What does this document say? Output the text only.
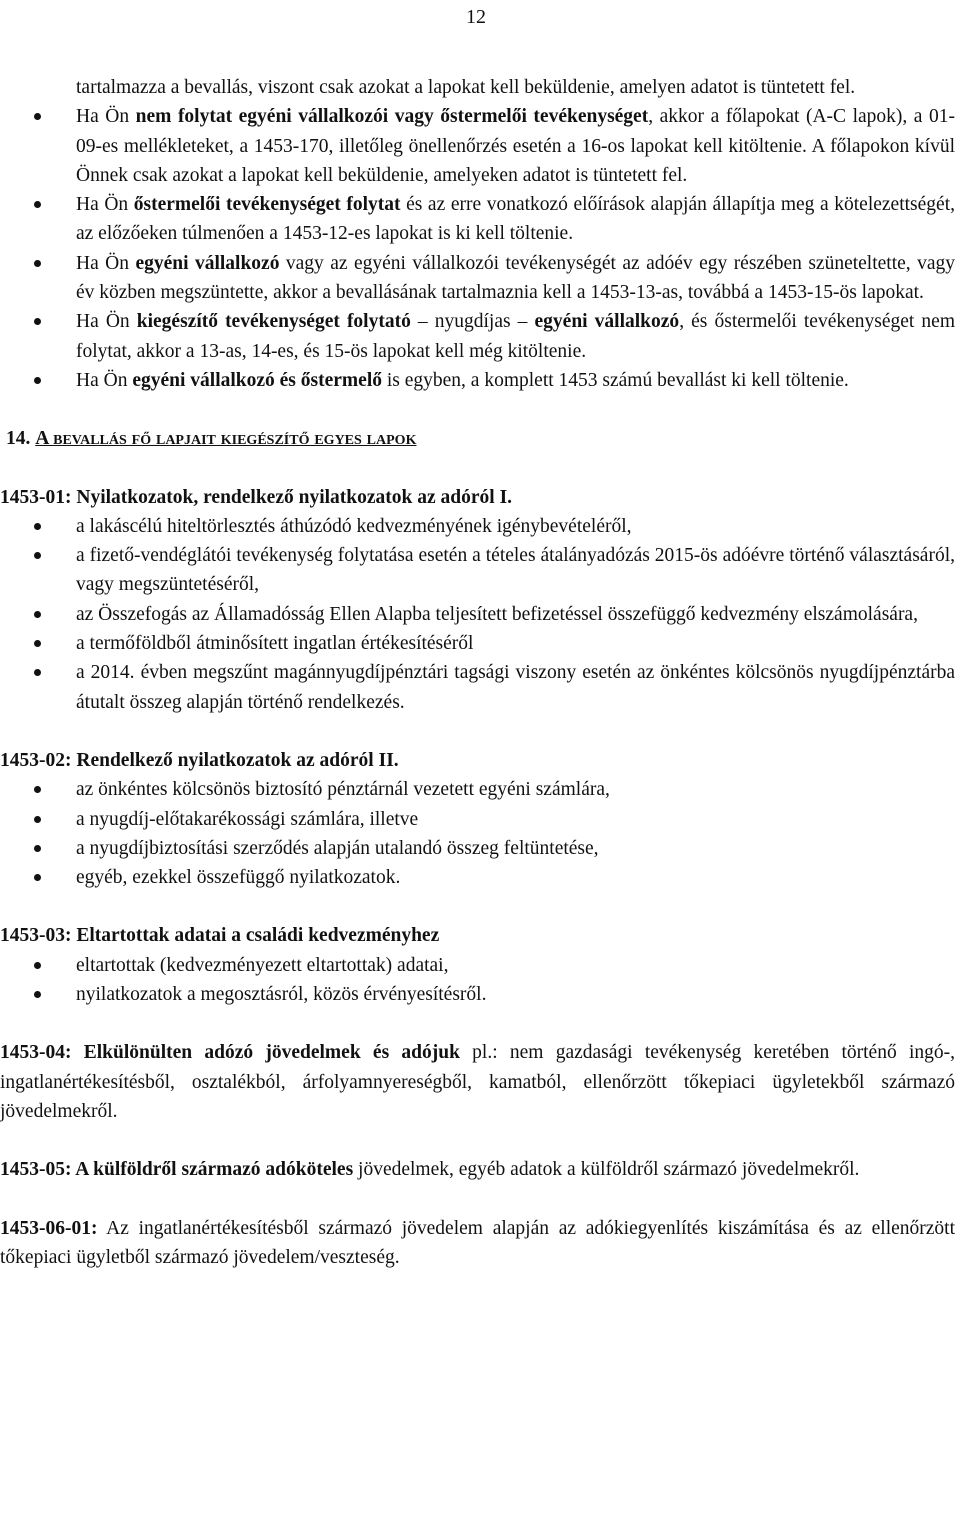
12
tartalmazza a bevallás, viszont csak azokat a lapokat kell beküldenie, amelyen adatot is tüntetett fel.
Ha Ön nem folytat egyéni vállalkozói vagy őstermelői tevékenységet, akkor a főlapokat (A-C lapok), a 01-09-es mellékleteket, a 1453-170, illetőleg önellenőrzés esetén a 16-os lapokat kell kitöltenie. A főlapokon kívül Önnek csak azokat a lapokat kell beküldenie, amelyeken adatot is tüntetett fel.
Ha Ön őstermelői tevékenységet folytat és az erre vonatkozó előírások alapján állapítja meg a kötelezettségét, az előzőeken túlmenően a 1453-12-es lapokat is ki kell töltenie.
Ha Ön egyéni vállalkozó vagy az egyéni vállalkozói tevékenységét az adóév egy részében szüneteltette, vagy év közben megszüntette, akkor a bevallásának tartalmaznia kell a 1453-13-as, továbbá a 1453-15-ös lapokat.
Ha Ön kiegészítő tevékenységet folytató – nyugdíjas – egyéni vállalkozó, és őstermelői tevékenységet nem folytat, akkor a 13-as, 14-es, és 15-ös lapokat kell még kitöltenie.
Ha Ön egyéni vállalkozó és őstermelő is egyben, a komplett 1453 számú bevallást ki kell töltenie.
14. A bevallás fő lapjait kiegészítő egyes lapok
1453-01: Nyilatkozatok, rendelkező nyilatkozatok az adóról I.
a lakáscélú hiteltörlesztés áthúzódó kedvezményének igénybevételéről,
a fizető-vendéglátói tevékenység folytatása esetén a tételes átalányadózás 2015-ös adóévre történő választásáról, vagy megszüntetéséről,
az Összefogás az Államadósság Ellen Alapba teljesített befizetéssel összefüggő kedvezmény elszámolására,
a termőföldből átminősített ingatlan értékesítéséről
a 2014. évben megszűnt magánnyugdíjpénztári tagsági viszony esetén az önkéntes kölcsönös nyugdíjpénztárba átutalt összeg alapján történő rendelkezés.
1453-02: Rendelkező nyilatkozatok az adóról II.
az önkéntes kölcsönös biztosító pénztárnál vezetett egyéni számlára,
a nyugdíj-előtakarékossági számlára, illetve
a nyugdíjbiztosítási szerződés alapján utalandó összeg feltüntetése,
egyéb, ezekkel összefüggő nyilatkozatok.
1453-03: Eltartottak adatai a családi kedvezményhez
eltartottak (kedvezményezett eltartottak) adatai,
nyilatkozatok a megosztásról, közös érvényesítésről.
1453-04: Elkülönülten adózó jövedelmek és adójuk pl.: nem gazdasági tevékenység keretében történő ingó-, ingatlanértékesítésből, osztalékból, árfolyamnyereségből, kamatból, ellenőrzött tőkepiaci ügyletekből származó jövedelmekről.
1453-05: A külföldről származó adóköteles jövedelmek, egyéb adatok a külföldről származó jövedelmekről.
1453-06-01: Az ingatlanértékesítésből származó jövedelem alapján az adókiegyenlítés kiszámítása és az ellenőrzött tőkepiaci ügyletből származó jövedelem/veszteség.
